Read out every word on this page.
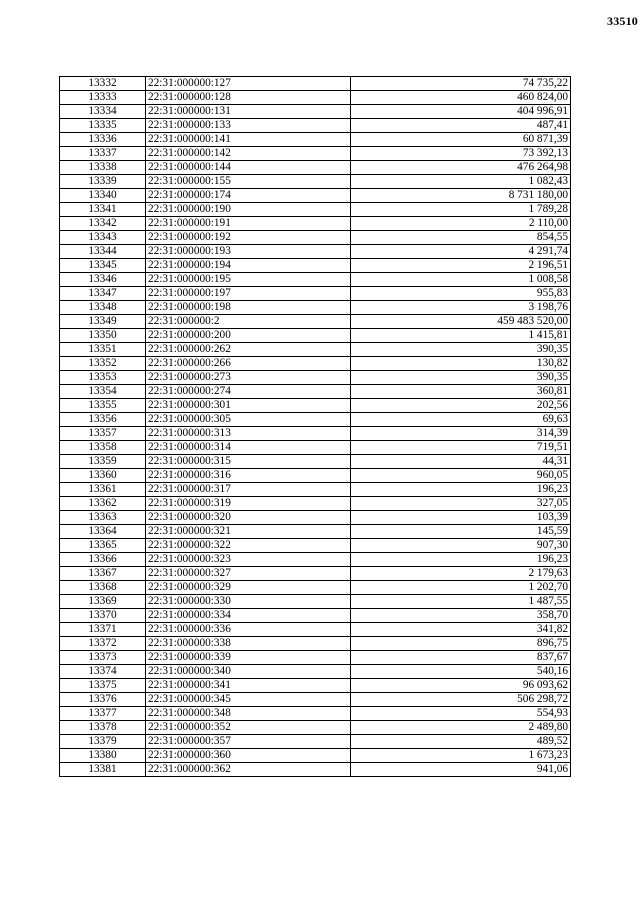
33510
13332	22:31:000000:127	74 735,22
13333	22:31:000000:128	460 824,00
13334	22:31:000000:131	404 996,91
13335	22:31:000000:133	487,41
13336	22:31:000000:141	60 871,39
13337	22:31:000000:142	73 392,13
13338	22:31:000000:144	476 264,98
13339	22:31:000000:155	1 082,43
13340	22:31:000000:174	8 731 180,00
13341	22:31:000000:190	1 789,28
13342	22:31:000000:191	2 110,00
13343	22:31:000000:192	854,55
13344	22:31:000000:193	4 291,74
13345	22:31:000000:194	2 196,51
13346	22:31:000000:195	1 008,58
13347	22:31:000000:197	955,83
13348	22:31:000000:198	3 198,76
13349	22:31:000000:2	459 483 520,00
13350	22:31:000000:200	1 415,81
13351	22:31:000000:262	390,35
13352	22:31:000000:266	130,82
13353	22:31:000000:273	390,35
13354	22:31:000000:274	360,81
13355	22:31:000000:301	202,56
13356	22:31:000000:305	69,63
13357	22:31:000000:313	314,39
13358	22:31:000000:314	719,51
13359	22:31:000000:315	44,31
13360	22:31:000000:316	960,05
13361	22:31:000000:317	196,23
13362	22:31:000000:319	327,05
13363	22:31:000000:320	103,39
13364	22:31:000000:321	145,59
13365	22:31:000000:322	907,30
13366	22:31:000000:323	196,23
13367	22:31:000000:327	2 179,63
13368	22:31:000000:329	1 202,70
13369	22:31:000000:330	1 487,55
13370	22:31:000000:334	358,70
13371	22:31:000000:336	341,82
13372	22:31:000000:338	896,75
13373	22:31:000000:339	837,67
13374	22:31:000000:340	540,16
13375	22:31:000000:341	96 093,62
13376	22:31:000000:345	506 298,72
13377	22:31:000000:348	554,93
13378	22:31:000000:352	2 489,80
13379	22:31:000000:357	489,52
13380	22:31:000000:360	1 673,23
13381	22:31:000000:362	941,06
